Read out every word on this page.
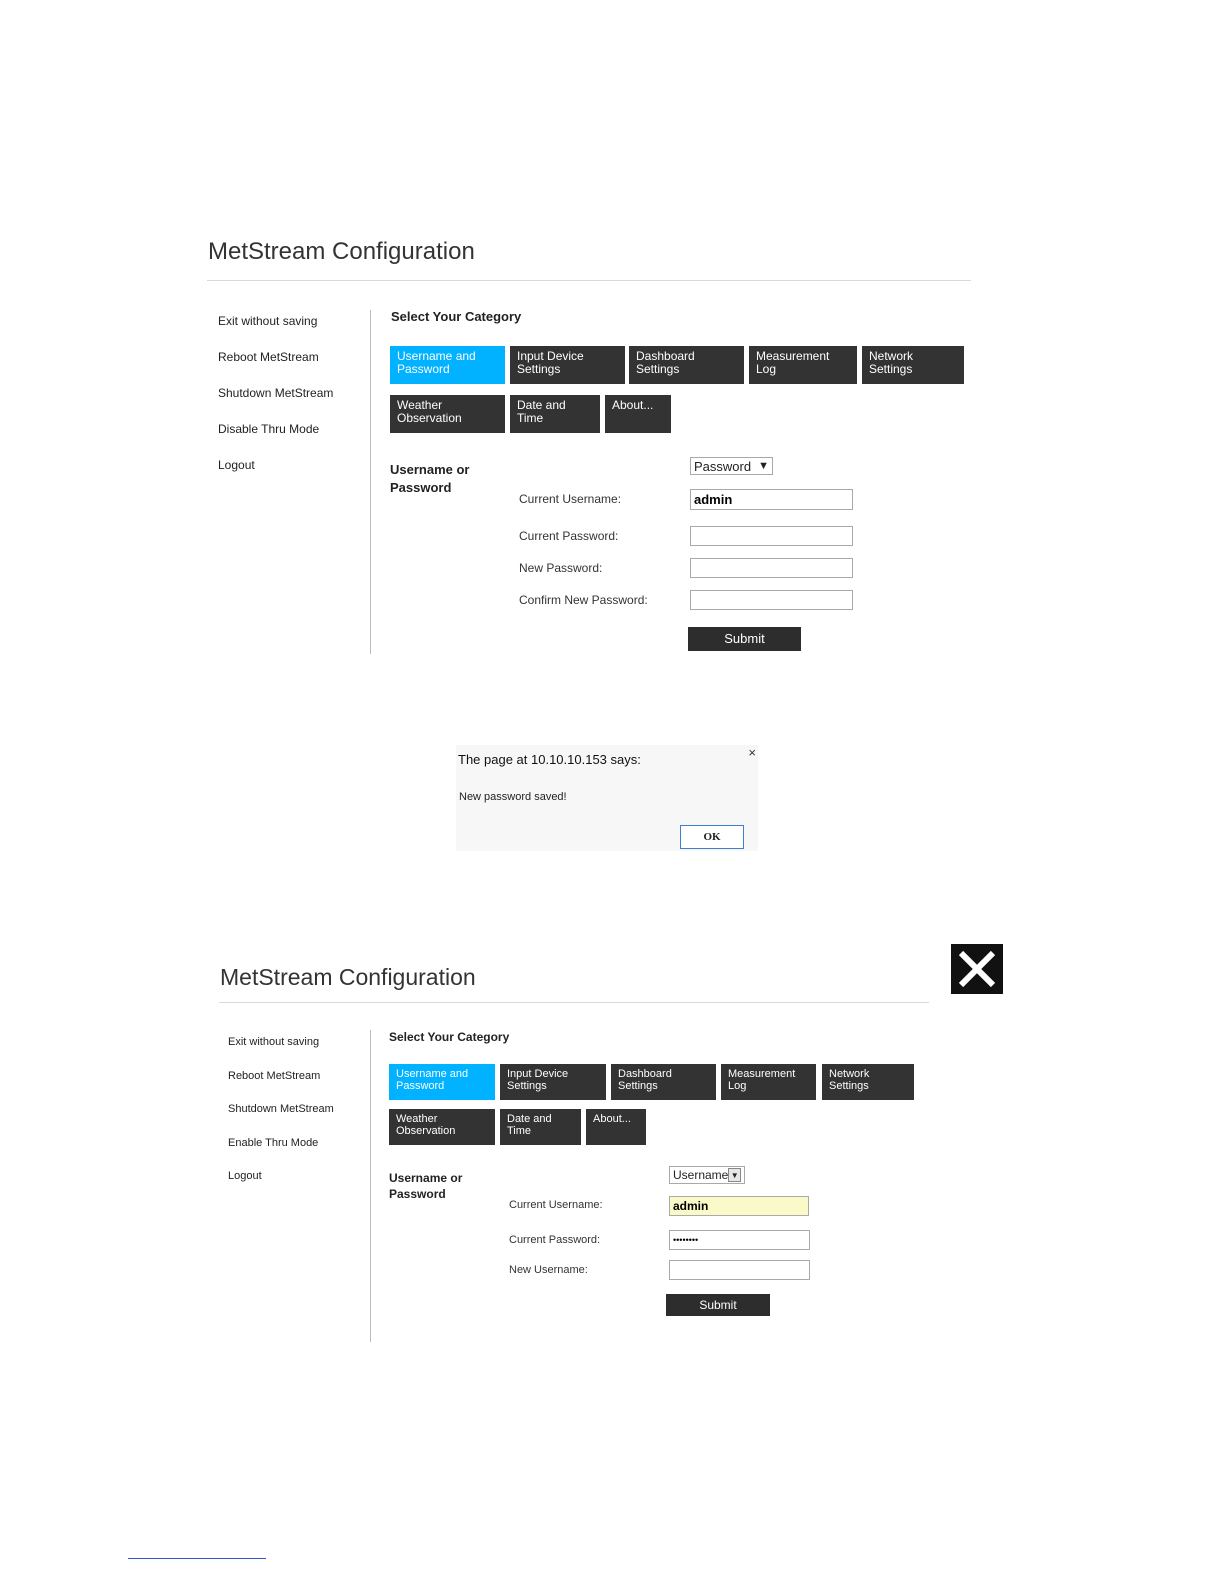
MetStream Configuration
Exit without saving
Reboot MetStream
Shutdown MetStream
Disable Thru Mode
Logout
Select Your Category
Username and Password
Input Device Settings
Dashboard Settings
Measurement Log
Network Settings
Weather Observation
Date and Time
About...
Username or Password
Password ▼
Current Username:
admin
Current Password:
New Password:
Confirm New Password:
Submit
The page at 10.10.10.153 says:	×
New password saved!
OK
MetStream Configuration
Exit without saving
Reboot MetStream
Shutdown MetStream
Enable Thru Mode
Logout
Select Your Category
Username and Password
Input Device Settings
Dashboard Settings
Measurement Log
Network Settings
Weather Observation
Date and Time
About...
Username or Password
Username ▼
Current Username:
admin
Current Password:
••••••••
New Username:
Submit
